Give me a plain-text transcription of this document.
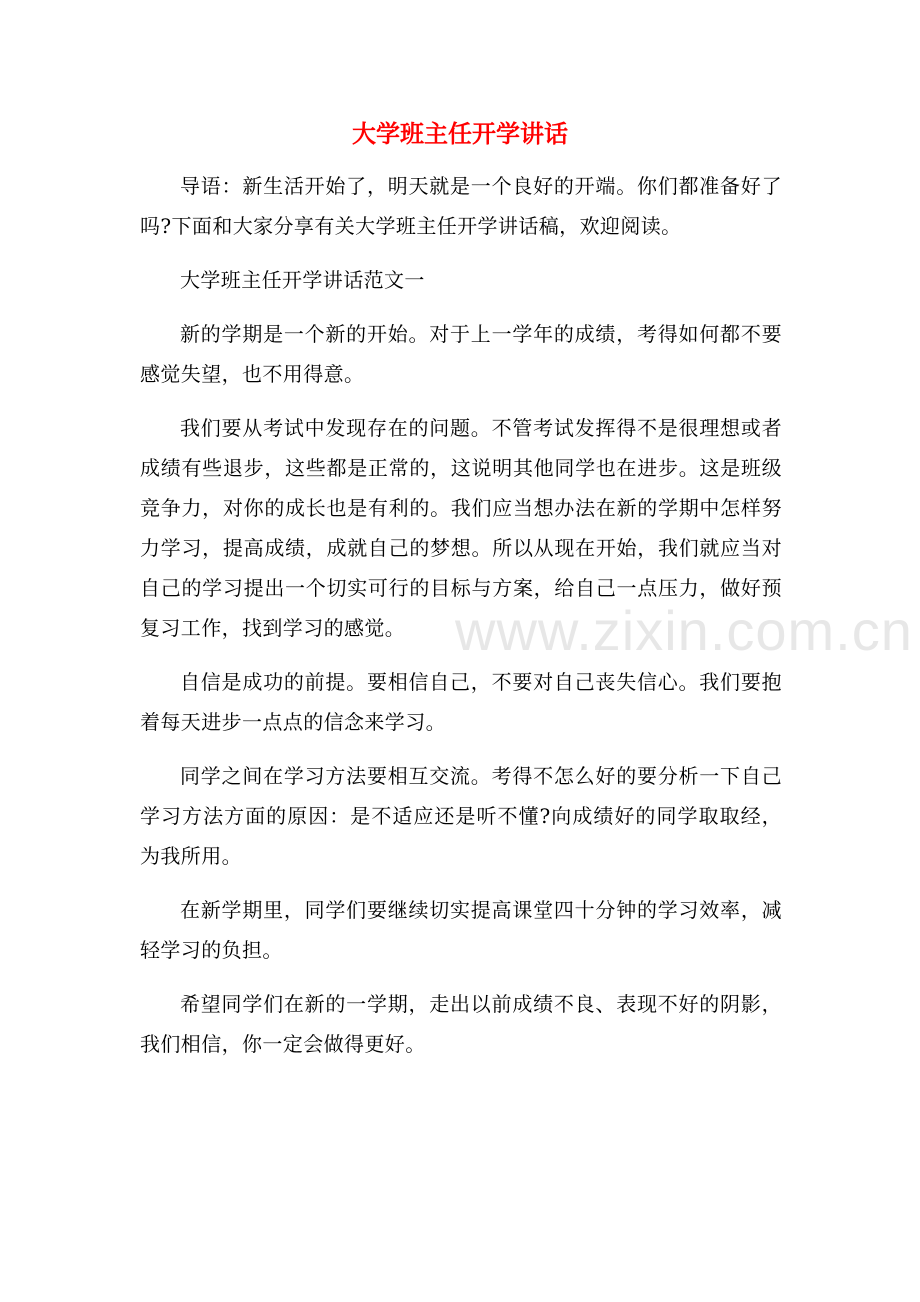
大学班主任开学讲话
www.zixin.com.cn

导语：新生活开始了，明天就是一个良好的开端。你们都准备好了吗?下面和大家分享有关大学班主任开学讲话稿，欢迎阅读。

大学班主任开学讲话范文一

新的学期是一个新的开始。对于上一学年的成绩，考得如何都不要感觉失望，也不用得意。

我们要从考试中发现存在的问题。不管考试发挥得不是很理想或者成绩有些退步，这些都是正常的，这说明其他同学也在进步。这是班级竞争力，对你的成长也是有利的。我们应当想办法在新的学期中怎样努力学习，提高成绩，成就自己的梦想。所以从现在开始，我们就应当对自己的学习提出一个切实可行的目标与方案，给自己一点压力，做好预复习工作，找到学习的感觉。

自信是成功的前提。要相信自己，不要对自己丧失信心。我们要抱着每天进步一点点的信念来学习。

同学之间在学习方法要相互交流。考得不怎么好的要分析一下自己学习方法方面的原因：是不适应还是听不懂?向成绩好的同学取取经，为我所用。

在新学期里，同学们要继续切实提高课堂四十分钟的学习效率，减轻学习的负担。

希望同学们在新的一学期，走出以前成绩不良、表现不好的阴影，我们相信，你一定会做得更好。
